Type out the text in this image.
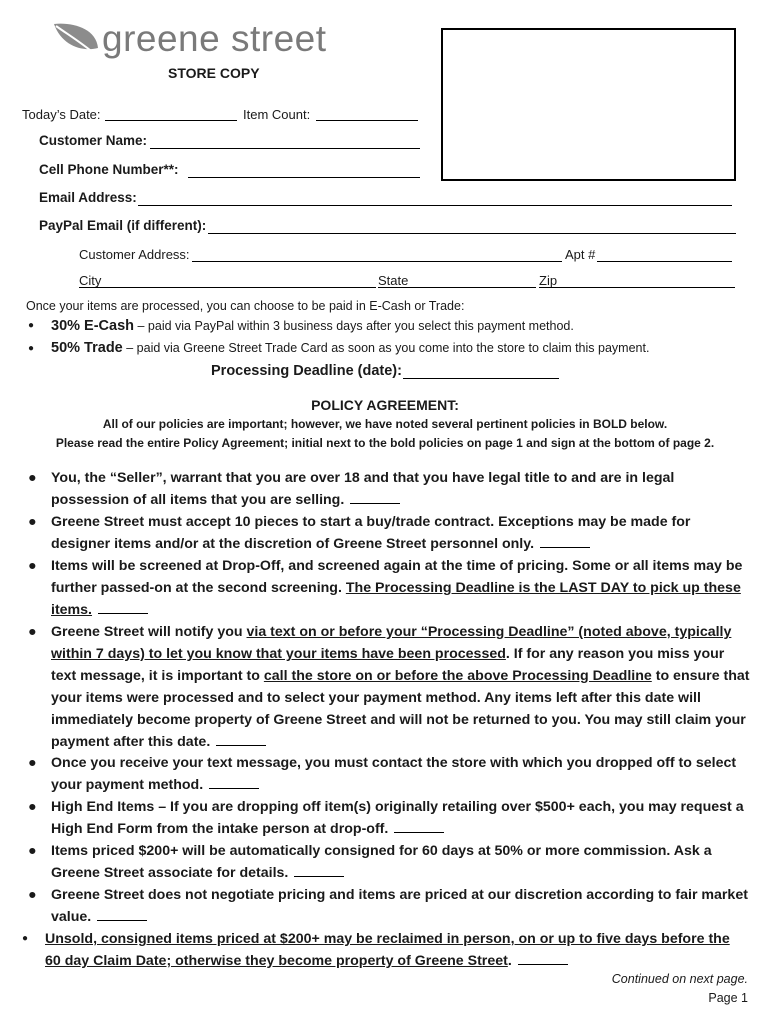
greene street
STORE COPY
Today’s Date:	Item Count:
Customer Name:
Cell Phone Number**:
Email Address:
PayPal Email (if different):
Customer Address:	Apt #
City	State	Zip
Once your items are processed, you can choose to be paid in E-Cash or Trade:
● 30% E-Cash – paid via PayPal within 3 business days after you select this payment method.
● 50% Trade – paid via Greene Street Trade Card as soon as you come into the store to claim this payment.
Processing Deadline (date):
POLICY AGREEMENT:
All of our policies are important; however, we have noted several pertinent policies in BOLD below.
Please read the entire Policy Agreement; initial next to the bold policies on page 1 and sign at the bottom of page 2.
●	You, the “Seller”, warrant that you are over 18 and that you have legal title to and are in legal possession of all items that you are selling.
●	Greene Street must accept 10 pieces to start a buy/trade contract. Exceptions may be made for designer items and/or at the discretion of Greene Street personnel only.
●	Items will be screened at Drop-Off, and screened again at the time of pricing. Some or all items may be further passed-on at the second screening. The Processing Deadline is the LAST DAY to pick up these items.
●	Greene Street will notify you via text on or before your “Processing Deadline” (noted above, typically within 7 days) to let you know that your items have been processed. If for any reason you miss your text message, it is important to call the store on or before the above Processing Deadline to ensure that your items were processed and to select your payment method. Any items left after this date will immediately become property of Greene Street and will not be returned to you. You may still claim your payment after this date.
●	Once you receive your text message, you must contact the store with which you dropped off to select your payment method.
●	High End Items – If you are dropping off item(s) originally retailing over $500+ each, you may request a High End Form from the intake person at drop-off.
●	Items priced $200+ will be automatically consigned for 60 days at 50% or more commission. Ask a Greene Street associate for details.
●	Greene Street does not negotiate pricing and items are priced at our discretion according to fair market value.
●	Unsold, consigned items priced at $200+ may be reclaimed in person, on or up to five days before the 60 day Claim Date; otherwise they become property of Greene Street.
Continued on next page.
Page 1
